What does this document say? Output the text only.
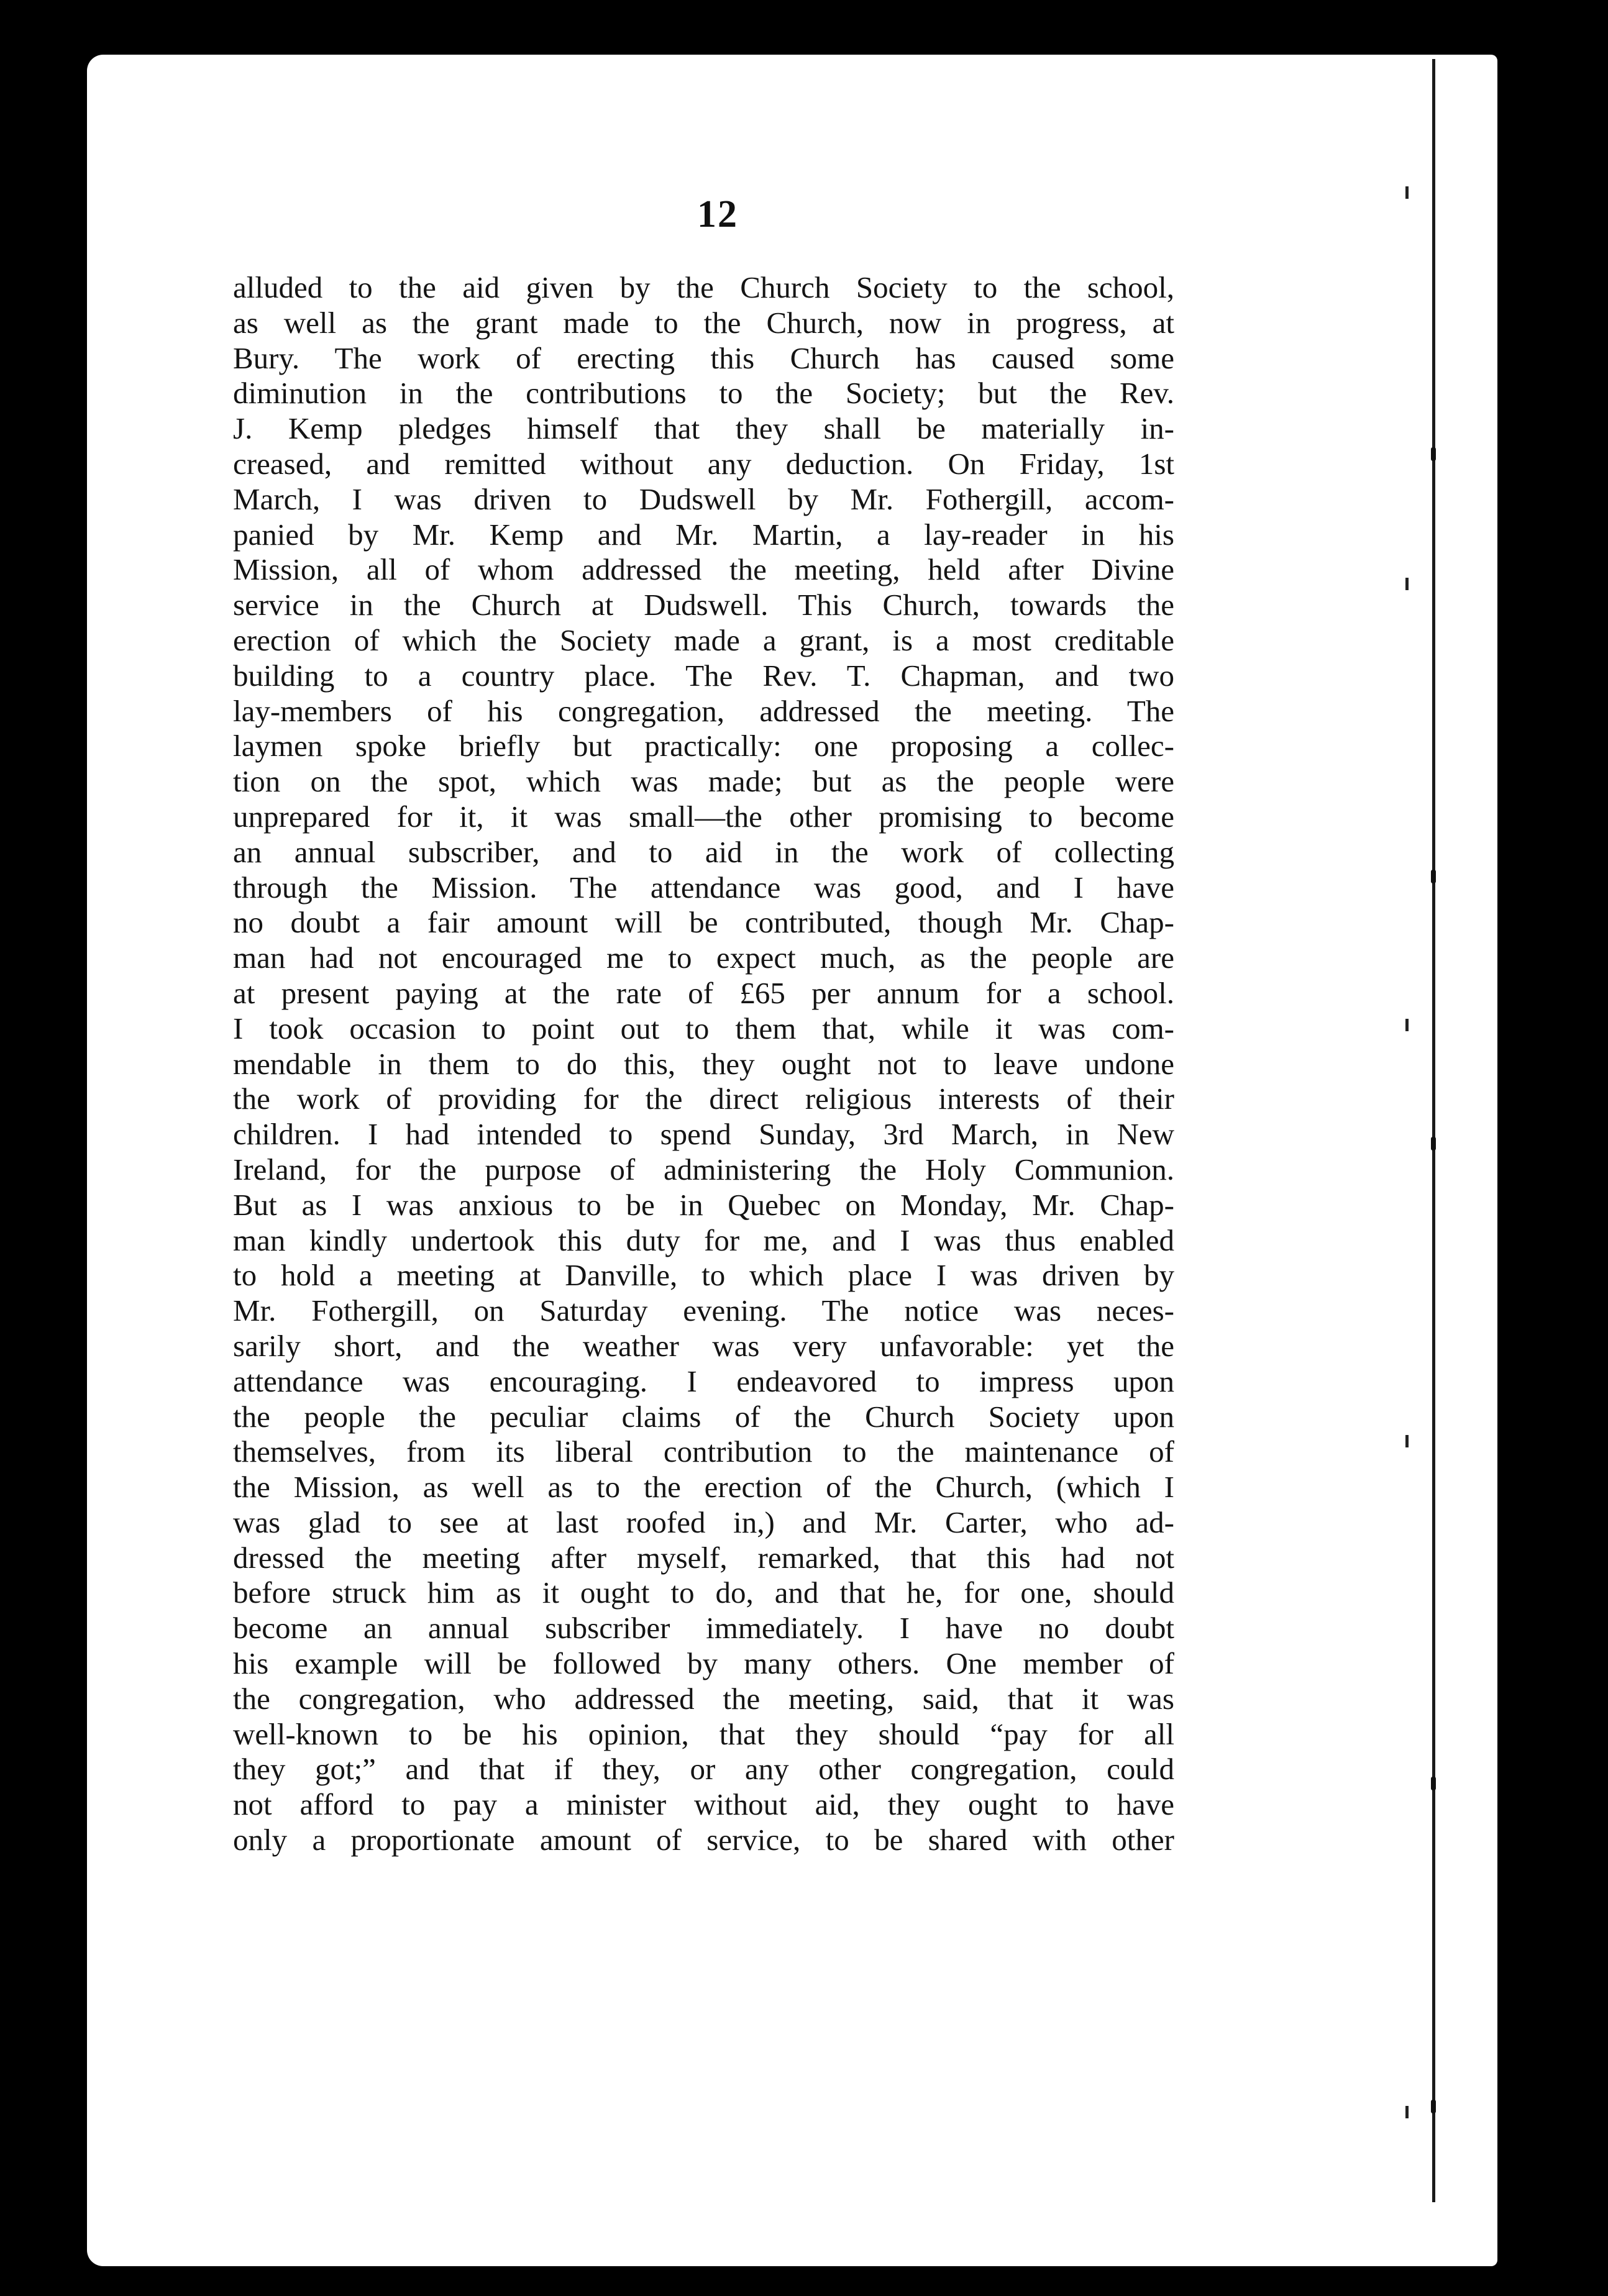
12
alluded to the aid given by the Church Society to the school,
as well as the grant made to the Church, now in progress, at
Bury. The work of erecting this Church has caused some
diminution in the contributions to the Society; but the Rev.
J. Kemp pledges himself that they shall be materially in-
creased, and remitted without any deduction. On Friday, 1st
March, I was driven to Dudswell by Mr. Fothergill, accom-
panied by Mr. Kemp and Mr. Martin, a lay-reader in his
Mission, all of whom addressed the meeting, held after Divine
service in the Church at Dudswell. This Church, towards the
erection of which the Society made a grant, is a most creditable
building to a country place. The Rev. T. Chapman, and two
lay-members of his congregation, addressed the meeting. The
laymen spoke briefly but practically: one proposing a collec-
tion on the spot, which was made; but as the people were
unprepared for it, it was small—the other promising to become
an annual subscriber, and to aid in the work of collecting
through the Mission. The attendance was good, and I have
no doubt a fair amount will be contributed, though Mr. Chap-
man had not encouraged me to expect much, as the people are
at present paying at the rate of £65 per annum for a school.
I took occasion to point out to them that, while it was com-
mendable in them to do this, they ought not to leave undone
the work of providing for the direct religious interests of their
children. I had intended to spend Sunday, 3rd March, in New
Ireland, for the purpose of administering the Holy Communion.
But as I was anxious to be in Quebec on Monday, Mr. Chap-
man kindly undertook this duty for me, and I was thus enabled
to hold a meeting at Danville, to which place I was driven by
Mr. Fothergill, on Saturday evening. The notice was neces-
sarily short, and the weather was very unfavorable: yet the
attendance was encouraging. I endeavored to impress upon
the people the peculiar claims of the Church Society upon
themselves, from its liberal contribution to the maintenance of
the Mission, as well as to the erection of the Church, (which I
was glad to see at last roofed in,) and Mr. Carter, who ad-
dressed the meeting after myself, remarked, that this had not
before struck him as it ought to do, and that he, for one, should
become an annual subscriber immediately. I have no doubt
his example will be followed by many others. One member of
the congregation, who addressed the meeting, said, that it was
well-known to be his opinion, that they should “pay for all
they got;” and that if they, or any other congregation, could
not afford to pay a minister without aid, they ought to have
only a proportionate amount of service, to be shared with other
